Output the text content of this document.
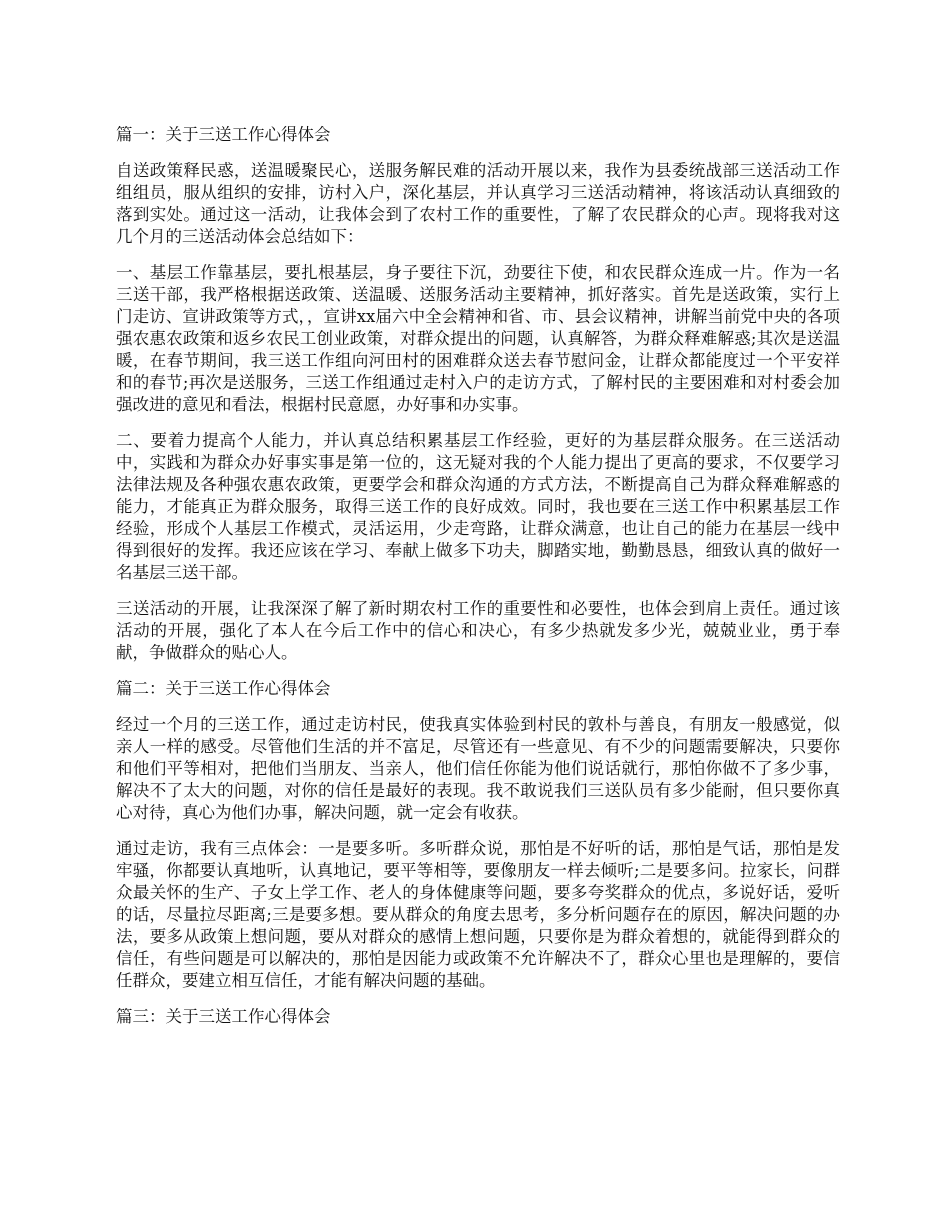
篇一：关于三送工作心得体会

自送政策释民惑，送温暖聚民心，送服务解民难的活动开展以来，我作为县委统战部三送活动工作组组员，服从组织的安排，访村入户，深化基层，并认真学习三送活动精神，将该活动认真细致的落到实处。通过这一活动，让我体会到了农村工作的重要性，了解了农民群众的心声。现将我对这几个月的三送活动体会总结如下：

一、基层工作靠基层，要扎根基层，身子要往下沉，劲要往下使，和农民群众连成一片。作为一名三送干部，我严格根据送政策、送温暖、送服务活动主要精神，抓好落实。首先是送政策，实行上门走访、宣讲政策等方式，，宣讲xx届六中全会精神和省、市、县会议精神，讲解当前党中央的各项强农惠农政策和返乡农民工创业政策，对群众提出的问题，认真解答，为群众释难解惑;其次是送温暖，在春节期间，我三送工作组向河田村的困难群众送去春节慰问金，让群众都能度过一个平安祥和的春节;再次是送服务，三送工作组通过走村入户的走访方式，了解村民的主要困难和对村委会加强改进的意见和看法，根据村民意愿，办好事和办实事。

二、要着力提高个人能力，并认真总结积累基层工作经验，更好的为基层群众服务。在三送活动中，实践和为群众办好事实事是第一位的，这无疑对我的个人能力提出了更高的要求，不仅要学习法律法规及各种强农惠农政策，更要学会和群众沟通的方式方法，不断提高自己为群众释难解惑的能力，才能真正为群众服务，取得三送工作的良好成效。同时，我也要在三送工作中积累基层工作经验，形成个人基层工作模式，灵活运用，少走弯路，让群众满意，也让自己的能力在基层一线中得到很好的发挥。我还应该在学习、奉献上做多下功夫，脚踏实地，勤勤恳恳，细致认真的做好一名基层三送干部。

三送活动的开展，让我深深了解了新时期农村工作的重要性和必要性，也体会到肩上责任。通过该活动的开展，强化了本人在今后工作中的信心和决心，有多少热就发多少光，兢兢业业，勇于奉献，争做群众的贴心人。

篇二：关于三送工作心得体会

经过一个月的三送工作，通过走访村民，使我真实体验到村民的敦朴与善良，有朋友一般感觉，似亲人一样的感受。尽管他们生活的并不富足，尽管还有一些意见、有不少的问题需要解决，只要你和他们平等相对，把他们当朋友、当亲人，他们信任你能为他们说话就行，那怕你做不了多少事，解决不了太大的问题，对你的信任是最好的表现。我不敢说我们三送队员有多少能耐，但只要你真心对待，真心为他们办事，解决问题，就一定会有收获。

通过走访，我有三点体会：一是要多听。多听群众说，那怕是不好听的话，那怕是气话，那怕是发牢骚，你都要认真地听，认真地记，要平等相等，要像朋友一样去倾听;二是要多问。拉家长，问群众最关怀的生产、子女上学工作、老人的身体健康等问题，要多夸奖群众的优点，多说好话，爱听的话，尽量拉尽距离;三是要多想。要从群众的角度去思考，多分析问题存在的原因，解决问题的办法，要多从政策上想问题，要从对群众的感情上想问题，只要你是为群众着想的，就能得到群众的信任，有些问题是可以解决的，那怕是因能力或政策不允许解决不了，群众心里也是理解的，要信任群众，要建立相互信任，才能有解决问题的基础。

篇三：关于三送工作心得体会
